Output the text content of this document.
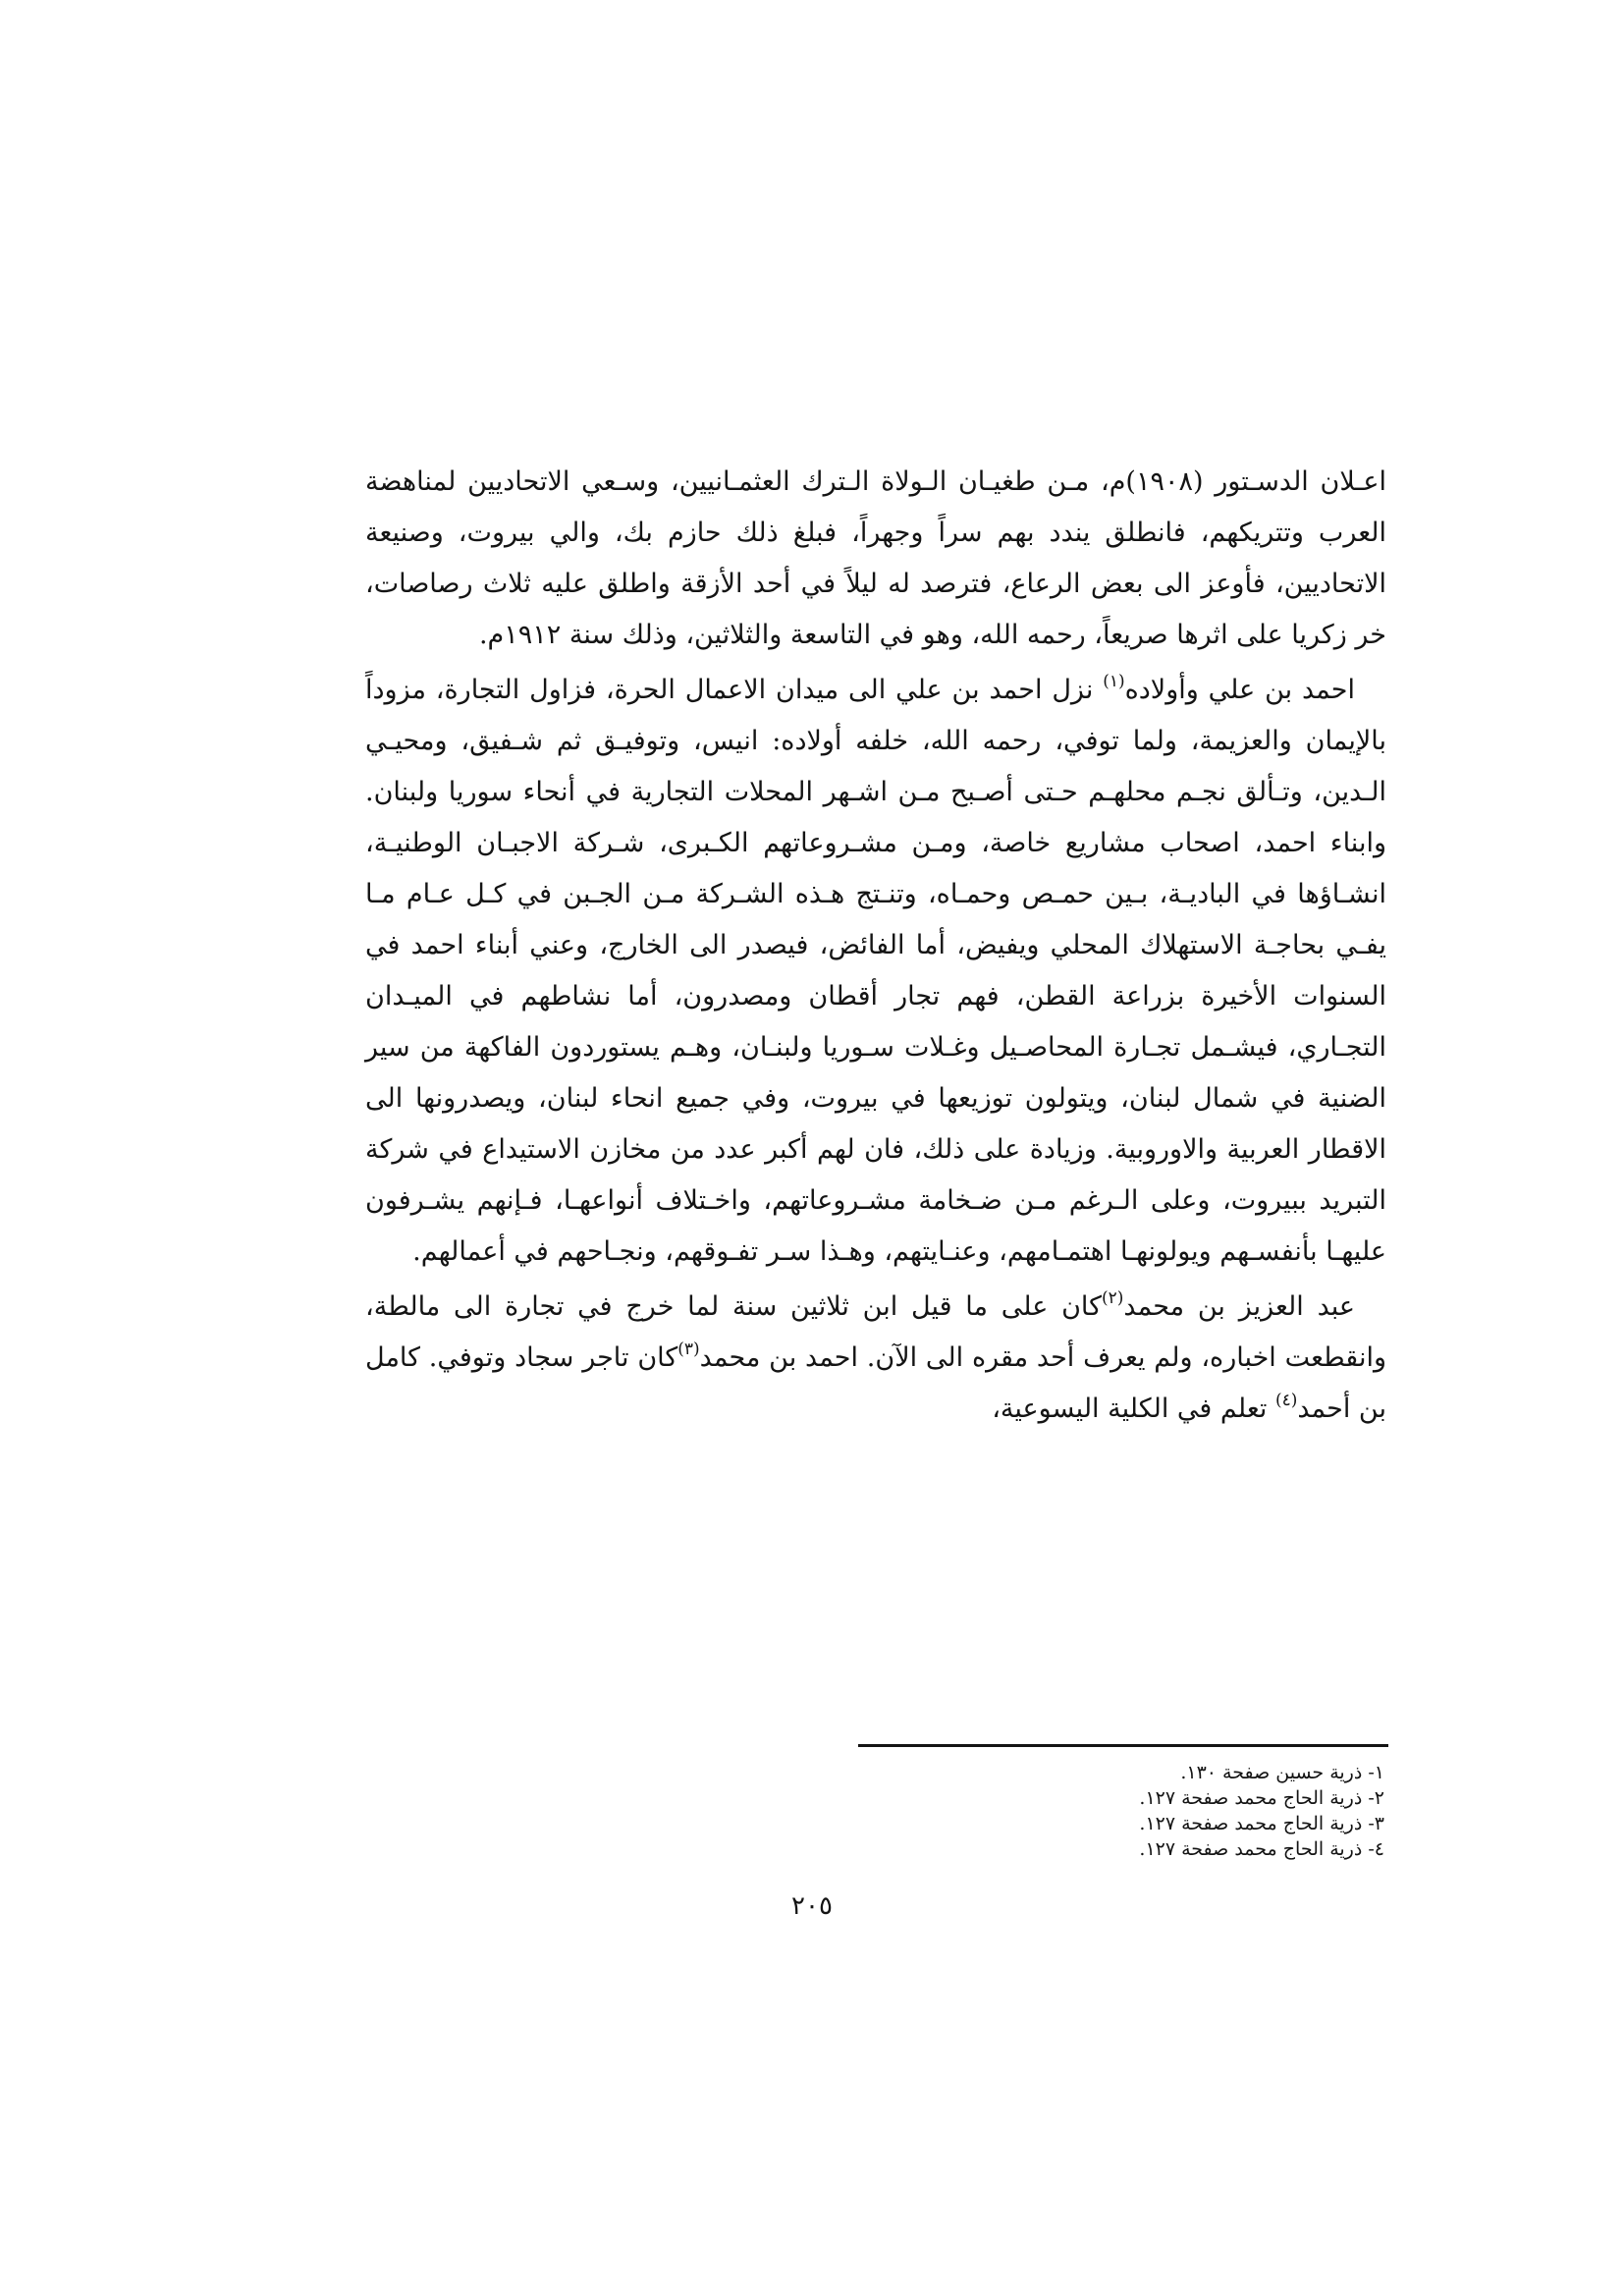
اعـلان الدسـتور (١٩٠٨)م، مـن طغيـان الـولاة الـترك العثمـانيين، وسـعي الاتحاديين لمناهضة العرب وتتريكهم، فانطلق يندد بهم سراً وجهراً، فبلغ ذلك حازم بك، والي بيروت، وصنيعة الاتحاديين، فأوعز الى بعض الرعاع، فترصد له ليلاً في أحد الأزقة واطلق عليه ثلاث رصاصات، خر زكريا على اثرها صريعاً، رحمه الله، وهو في التاسعة والثلاثين، وذلك سنة ١٩١٢م.

احمد بن علي وأولاده$^{(١)}$ نزل احمد بن علي الى ميدان الاعمال الحرة، فزاول التجارة، مزوداً بالإيمان والعزيمة، ولما توفي، رحمه الله، خلفه أولاده: انيس، وتوفيـق ثم شـفيق، ومحيـي الـدين، وتـألق نجـم محلهـم حـتى أصـبح مـن اشـهر المحلات التجارية في أنحاء سوريا ولبنان. وابناء احمد، اصحاب مشاريع خاصة، ومـن مشـروعاتهم الكـبرى، شـركة الاجبـان الوطنيـة، انشـاؤها في الباديـة، بـين حمـص وحمـاه، وتنـتج هـذه الشـركة مـن الجـبن في كـل عـام مـا يفـي بحاجـة الاستهلاك المحلي ويفيض، أما الفائض، فيصدر الى الخارج، وعني أبناء احمد في السنوات الأخيرة بزراعة القطن، فهم تجار أقطان ومصدرون، أما نشاطهم في الميـدان التجـاري، فيشـمل تجـارة المحاصـيل وغـلات سـوريا ولبنـان، وهـم يستوردون الفاكهة من سير الضنية في شمال لبنان، ويتولون توزيعها في بيروت، وفي جميع انحاء لبنان، ويصدرونها الى الاقطار العربية والاوروبية. وزيادة على ذلك، فان لهم أكبر عدد من مخازن الاستيداع في شركة التبريد ببيروت، وعلى الـرغم مـن ضـخامة مشـروعاتهم، واخـتلاف أنواعهـا، فـإنهم يشـرفون عليهـا بأنفسـهم ويولونهـا اهتمـامهم، وعنـايتهم، وهـذا سـر تفـوقهم، ونجـاحهم في أعمالهم.

عبد العزيز بن محمد$^{(٢)}$كان على ما قيل ابن ثلاثين سنة لما خرج في تجارة الى مالطة، وانقطعت اخباره، ولم يعرف أحد مقره الى الآن. احمد بن محمد$^{(٣)}$كان تاجر سجاد وتوفي. كامل بن أحمد$^{(٤)}$ تعلم في الكلية اليسوعية،

١- ذرية حسين صفحة ١٣٠.

٢- ذرية الحاج محمد صفحة ١٢٧.

٣- ذرية الحاج محمد صفحة ١٢٧.

٤- ذرية الحاج محمد صفحة ١٢٧.

٢٠٥
